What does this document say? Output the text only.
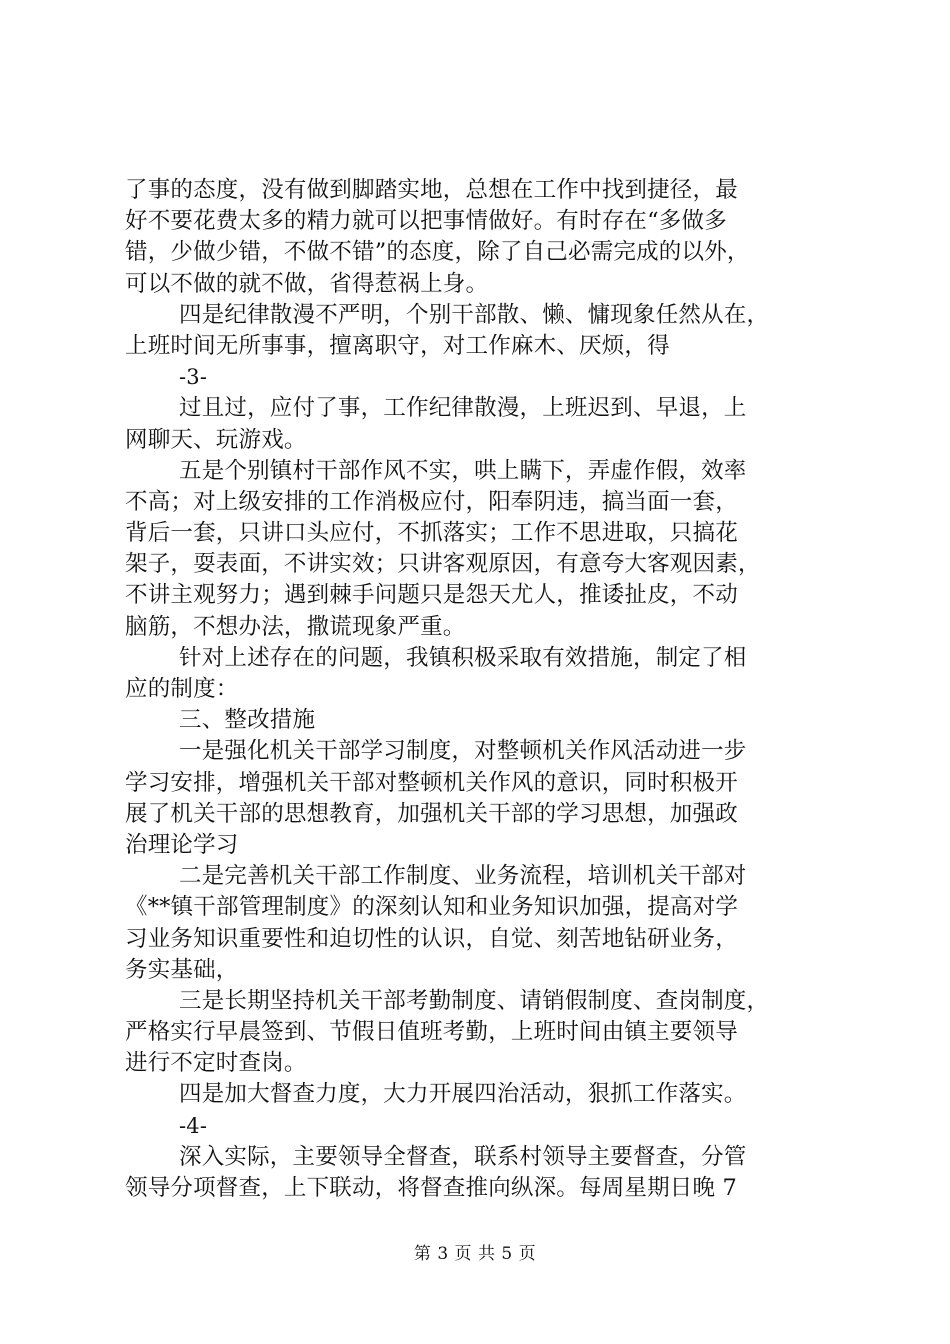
了事的态度，没有做到脚踏实地，总想在工作中找到捷径，最
好不要花费太多的精力就可以把事情做好。有时存在“多做多
错，少做少错，不做不错”的态度，除了自己必需完成的以外，
可以不做的就不做，省得惹祸上身。
四是纪律散漫不严明，个别干部散、懒、慵现象任然从在，
上班时间无所事事，擅离职守，对工作麻木、厌烦，得
-3-
过且过，应付了事，工作纪律散漫，上班迟到、早退，上
网聊天、玩游戏。
五是个别镇村干部作风不实，哄上瞒下，弄虚作假，效率
不高；对上级安排的工作消极应付，阳奉阴违，搞当面一套，
背后一套，只讲口头应付，不抓落实；工作不思进取，只搞花
架子，耍表面，不讲实效；只讲客观原因，有意夸大客观因素，
不讲主观努力；遇到棘手问题只是怨天尤人，推诿扯皮，不动
脑筋，不想办法，撒谎现象严重。
针对上述存在的问题，我镇积极采取有效措施，制定了相
应的制度：
三、整改措施
一是强化机关干部学习制度，对整顿机关作风活动进一步
学习安排，增强机关干部对整顿机关作风的意识，同时积极开
展了机关干部的思想教育，加强机关干部的学习思想，加强政
治理论学习
二是完善机关干部工作制度、业务流程，培训机关干部对
《**镇干部管理制度》的深刻认知和业务知识加强，提高对学
习业务知识重要性和迫切性的认识，自觉、刻苦地钻研业务，
务实基础，
三是长期坚持机关干部考勤制度、请销假制度、查岗制度，
严格实行早晨签到、节假日值班考勤，上班时间由镇主要领导
进行不定时查岗。
四是加大督查力度，大力开展四治活动，狠抓工作落实。
-4-
深入实际，主要领导全督查，联系村领导主要督查，分管
领导分项督查，上下联动，将督查推向纵深。每周星期日晚 7
第 3 页 共 5 页
